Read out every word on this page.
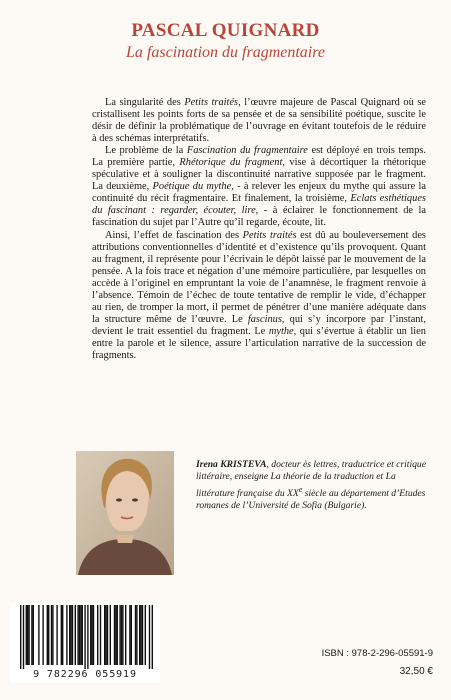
PASCAL QUIGNARD
La fascination du fragmentaire

La singularité des Petits traités, l’œuvre majeure de Pascal Quignard où se cristallisent les points forts de sa pensée et de sa sensibilité poétique, suscite le désir de définir la problématique de l’ouvrage en évitant toutefois de le réduire à des schémas interprétatifs.

Le problème de la Fascination du fragmentaire est déployé en trois temps. La première partie, Rhétorique du fragment, vise à décortiquer la rhétorique spéculative et à souligner la discontinuité narrative supposée par le fragment. La deuxième, Poétique du mythe, - à relever les enjeux du mythe qui assure la continuité du récit fragmentaire. Et finalement, la troisième, Eclats esthétiques du fascinant : regarder, écouter, lire, - à éclairer le fonctionnement de la fascination du sujet par l’Autre qu’il regarde, écoute, lit.

Ainsi, l’effet de fascination des Petits traités est dû au bouleversement des attributions conventionnelles d’identité et d’existence qu’ils provoquent. Quant au fragment, il représente pour l’écrivain le dépôt laissé par le mouvement de la pensée. A la fois trace et négation d’une mémoire particulière, par lesquelles on accède à l’originel en empruntant la voie de l’anamnèse, le fragment renvoie à l’absence. Témoin de l’échec de toute tentative de remplir le vide, d’échapper au rien, de tromper la mort, il permet de pénétrer d’une manière adéquate dans la structure même de l’œuvre. Le fascinus, qui s’y incorpore par l’instant, devient le trait essentiel du fragment. Le mythe, qui s’évertue à établir un lien entre la parole et le silence, assure l’articulation narrative de la succession de fragments.

Irena KRISTEVA, docteur ès lettres, traductrice et critique littéraire, enseigne La théorie de la traduction et La littérature française du XXe siècle au département d’Etudes romanes de l’Université de Sofia (Bulgarie).
9 782296 055919
ISBN : 978-2-296-05591-9
32,50 €
